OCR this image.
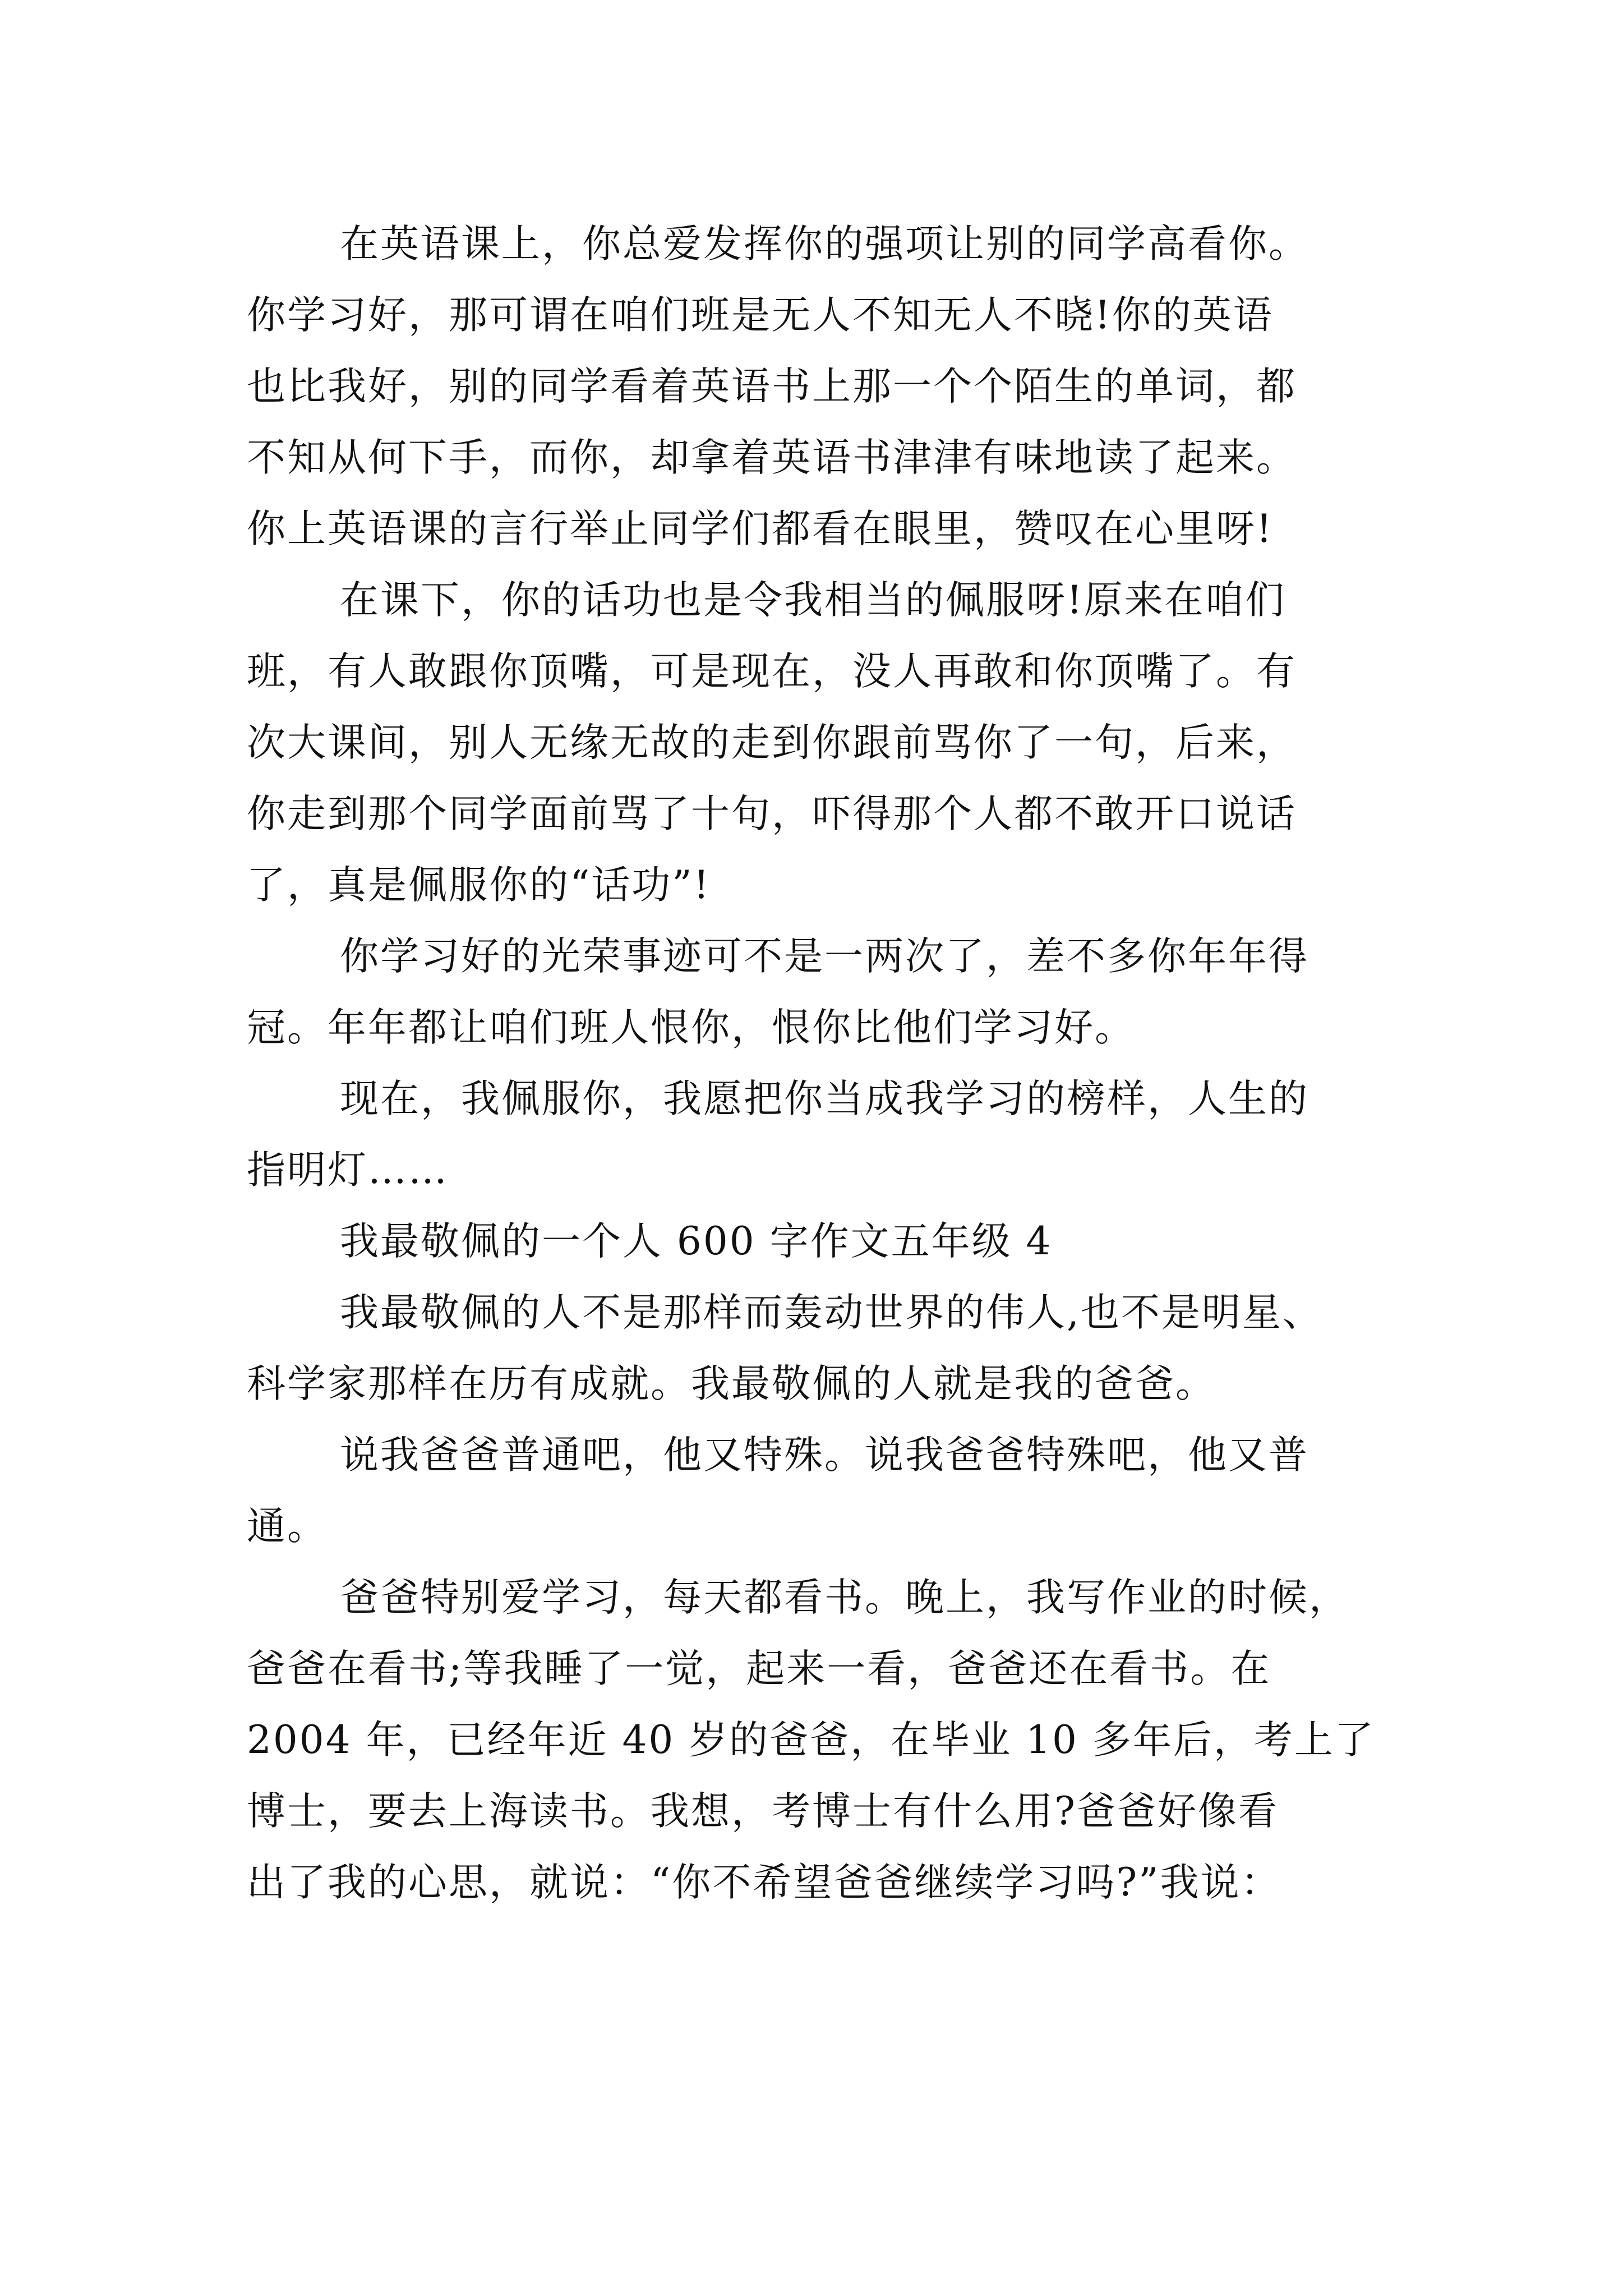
在英语课上，你总爱发挥你的强项让别的同学高看你。
你学习好，那可谓在咱们班是无人不知无人不晓!你的英语
也比我好，别的同学看着英语书上那一个个陌生的单词，都
不知从何下手，而你，却拿着英语书津津有味地读了起来。
你上英语课的言行举止同学们都看在眼里，赞叹在心里呀!
在课下，你的话功也是令我相当的佩服呀!原来在咱们
班，有人敢跟你顶嘴，可是现在，没人再敢和你顶嘴了。有
次大课间，别人无缘无故的走到你跟前骂你了一句，后来，
你走到那个同学面前骂了十句，吓得那个人都不敢开口说话
了，真是佩服你的“话功”!
你学习好的光荣事迹可不是一两次了，差不多你年年得
冠。年年都让咱们班人恨你，恨你比他们学习好。
现在，我佩服你，我愿把你当成我学习的榜样，人生的
指明灯……
我最敬佩的一个人 600 字作文五年级 4
我最敬佩的人不是那样而轰动世界的伟人,也不是明星、
科学家那样在历有成就。我最敬佩的人就是我的爸爸。
说我爸爸普通吧，他又特殊。说我爸爸特殊吧，他又普
通。
爸爸特别爱学习，每天都看书。晚上，我写作业的时候，
爸爸在看书;等我睡了一觉，起来一看，爸爸还在看书。在
2004 年，已经年近 40 岁的爸爸，在毕业 10 多年后，考上了
博士，要去上海读书。我想，考博士有什么用?爸爸好像看
出了我的心思，就说：“你不希望爸爸继续学习吗?”我说：
